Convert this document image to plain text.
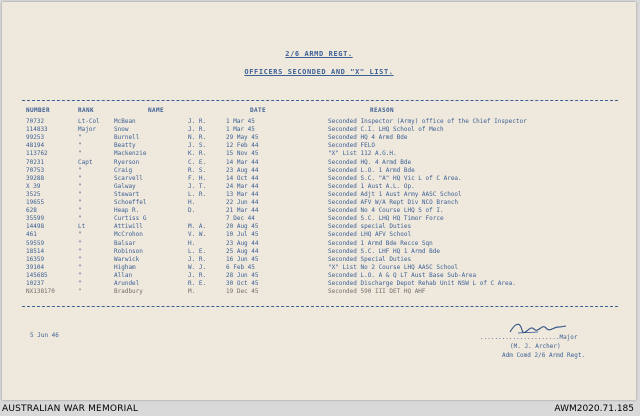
2/6 ARMD REGT.
OFFICERS SECONDED AND "X" LIST.
NUMBER	RANK	NAME	DATE	REASON
70732	Lt-Col McBean	J. R.	1 Mar 45	Seconded Inspector (Army) office of the Chief Inspector
114833	Major	Snow	J. R.	1 Mar 45	Seconded C.I. LHQ School of Mech
99253	"	Burnell	N. R.	29 May 45	Seconded HQ 4 Armd Bde
48194	"	Beatty	J. S.	12 Feb 44	Seconded FELO
113762	"	Mackenzie	K. R.	15 Nov 45	"X" List 112 A.G.H.
70231	Capt	Ryerson	C. E.	14 Mar 44	Seconded HQ. 4 Armd Bde
70753	"	Craig	R. S.	23 Aug 44	Seconded L.O. 1 Armd Bde
39288	"	Scarvell	F. H.	14 Oct 44	Seconded S.C. "A" HQ Vic L of C Area.
X 39	"	Galway	J. T.	24 Mar 44	Seconded 1 Aust A.L. Op.
3525	"	Stewart	L. R.	13 Mar 44	Seconded Adjt 1 Aust Army AASC School
19655	"	Schoeffel	H.	22 Jun 44	Seconded AFV W/A Rept Div NCO Branch
628	"	Heap R.	D.	21 Mar 44	Seconded No 4 Course LHQ S of I.
35599	"	Curtiss G	7 Dec 44	Seconded S.C. LHQ HQ Timor Force
14498	Lt	Attiwill	M. A.	20 Aug 45	Seconded special Duties
461	"	McCrohon	V. W.	10 Jul 45	Seconded LHQ AFV School
59559	"	Balsar	H.	23 Aug 44	Seconded 1 Armd Bde Recce Sqn
18514	"	Robinson	L. E.	25 Aug 44	Seconded S.C. LHF HQ 1 Armd Bde
16359	"	Warwick	J. R.	16 Jun 45	Seconded Special Duties
39104	"	Higham	W. J.	6 Feb 45	"X" List No 2 Course LHQ AASC School
145685	"	Allan	J. R.	28 Jun 45	Seconded L.O. A & Q LT Aust Base Sub-Area
10237	"	Arundel	R. E.	30 Oct 45	Seconded Discharge Depot Rehab Unit NSW L of C Area.
NX138170	"	Bradbury	M.	19 Dec 45	Seconded 590 III DET HQ AHF
5 Jun 46	......................Major
(M. J. Archer)
Adm Comd 2/6 Armd Regt.
AUSTRALIAN WAR MEMORIAL	AWM2020.71.185
